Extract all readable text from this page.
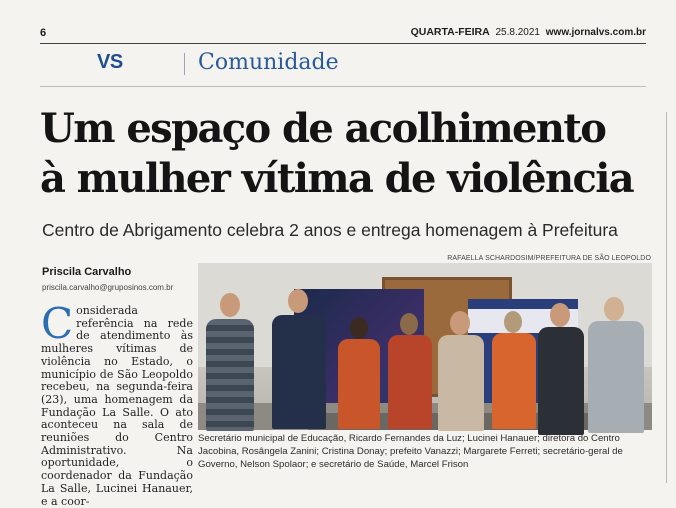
6	QUARTA-FEIRA 25.8.2021 www.jornalvs.com.br
VS	Comunidade
Um espaço de acolhimento
à mulher vítima de violência
Centro de Abrigamento celebra 2 anos e entrega homenagem à Prefeitura
RAFAELLA SCHARDOSIM/PREFEITURA DE SÃO LEOPOLDO
Priscila Carvalho
priscila.carvalho@gruposinos.com.br
C onsiderada referência na rede de atendimento às mulheres vítimas de violência no Estado, o município de São Leopoldo recebeu, na segunda-feira (23), uma homenagem da Fundação La Salle. O ato aconteceu na sala de reuniões do Centro Administrativo. Na oportunidade, o coordenador da Fundação La Salle, Lucinei Hanauer, e a coor-

Secretário municipal de Educação, Ricardo Fernandes da Luz; Lucinei Hanauer; diretora do Centro Jacobina, Rosângela Zanini; Cristina Donay; prefeito Vanazzi; Margarete Ferreti; secretário-geral de Governo, Nelson Spolaor; e secretário de Saúde, Marcel Frison
